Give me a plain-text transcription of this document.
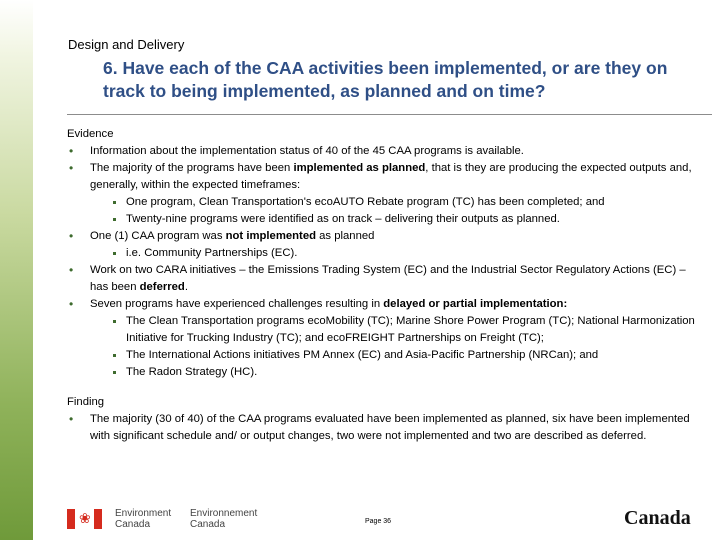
Design and Delivery
6. Have each of the CAA activities been implemented, or are they on track to being implemented, as planned and on time?
Evidence
• Information about the implementation status of 40 of the 45 CAA programs is available.
• The majority of the programs have been implemented as planned, that is they are producing the expected outputs and, generally, within the expected timeframes:
One program, Clean Transportation's ecoAUTO Rebate program (TC) has been completed; and
Twenty-nine programs were identified as on track – delivering their outputs as planned.
• One (1) CAA program was not implemented as planned
i.e. Community Partnerships (EC).
• Work on two CARA initiatives – the Emissions Trading System (EC) and the Industrial Sector Regulatory Actions (EC) – has been deferred.
• Seven programs have experienced challenges resulting in delayed or partial implementation:
The Clean Transportation programs ecoMobility (TC); Marine Shore Power Program (TC); National Harmonization Initiative for Trucking Industry (TC); and ecoFREIGHT Partnerships on Freight (TC);
The International Actions initiatives PM Annex (EC) and Asia-Pacific Partnership (NRCan); and
The Radon Strategy (HC).
Finding
• The majority (30 of 40) of the CAA programs evaluated have been implemented as planned, six have been implemented with significant schedule and/ or output changes, two were not implemented and two are described as deferred.
❀ Environment
Canada
Environnement
Canada	Page 36	Canada
